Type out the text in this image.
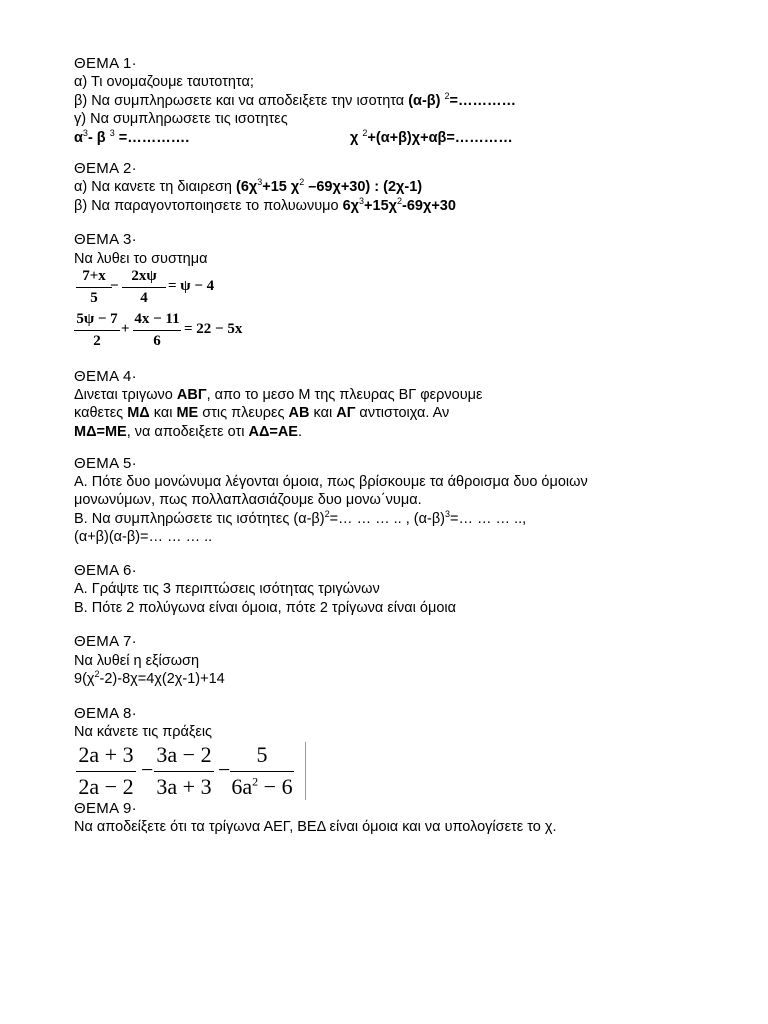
ΘΕΜΑ 1·
α) Τι ονομαζουμε ταυτοτητα;
β) Να συμπληρωσετε και να αποδειξετε την ισοτητα (α-β) $^2$=…………
γ) Να συμπληρωσετε τις ισοτητες
$\alpha^3-$ β $^3$ =………….	χ $^2$+(α+β)χ+αβ=…………
ΘΕΜΑ 2·
α) Να κανετε τη διαιρεση ($6\chi^3+15$ $\chi^2$ –69χ+30) : (2χ-1)
β) Να παραγοντοποιησετε το πολυωνυμο $6\chi^3+15\chi^2-69\chi+30$
ΘΕΜΑ 3·
Να λυθει το συστημα
7+x
5
−
2xψ
4
= ψ − 4
5ψ − 7
2
+
4x − 11
6
= 22 − 5x
ΘΕΜΑ 4·
Δινεται τριγωνο ΑΒΓ, απο το μεσο Μ της πλευρας ΒΓ φερνουμε
καθετες ΜΔ και ΜΕ στις πλευρες ΑΒ και ΑΓ αντιστοιχα. Αν
ΜΔ=ΜΕ, να αποδειξετε οτι ΑΔ=ΑΕ.
ΘΕΜΑ 5·
Α. Πότε δυο μονώνυμα λέγονται όμοια, πως βρίσκουμε τα άθροισμα δυο όμοιων
μονωνύμων, πως πολλαπλασιάζουμε δυο μονω΄νυμα.
Β. Να συμπληρώσετε τις ισότητες $(\alpha-\beta)^2=\dots$ … … .. , $(\alpha-\beta)^3=\dots$ … … ..,
(α+β)(α-β)=… … … ..
ΘΕΜΑ 6·
Α. Γράψτε τις 3 περιπτώσεις ισότητας τριγώνων
Β. Πότε 2 πολύγωνα είναι όμοια, πότε 2 τρίγωνα είναι όμοια
ΘΕΜΑ 7·
Να λυθεί η εξίσωση
$9(\chi^2-2)-8\chi=4\chi(2\chi-1)+14$
ΘΕΜΑ 8·
Να κάνετε τις πράξεις
2a + 3
2a − 2
−
3a − 2
3a + 3
−
5
$6a^2 - 6$
ΘΕΜΑ 9·
Να αποδείξετε ότι τα τρίγωνα ΑΕΓ, ΒΕΔ είναι όμοια και να υπολογίσετε το χ.
